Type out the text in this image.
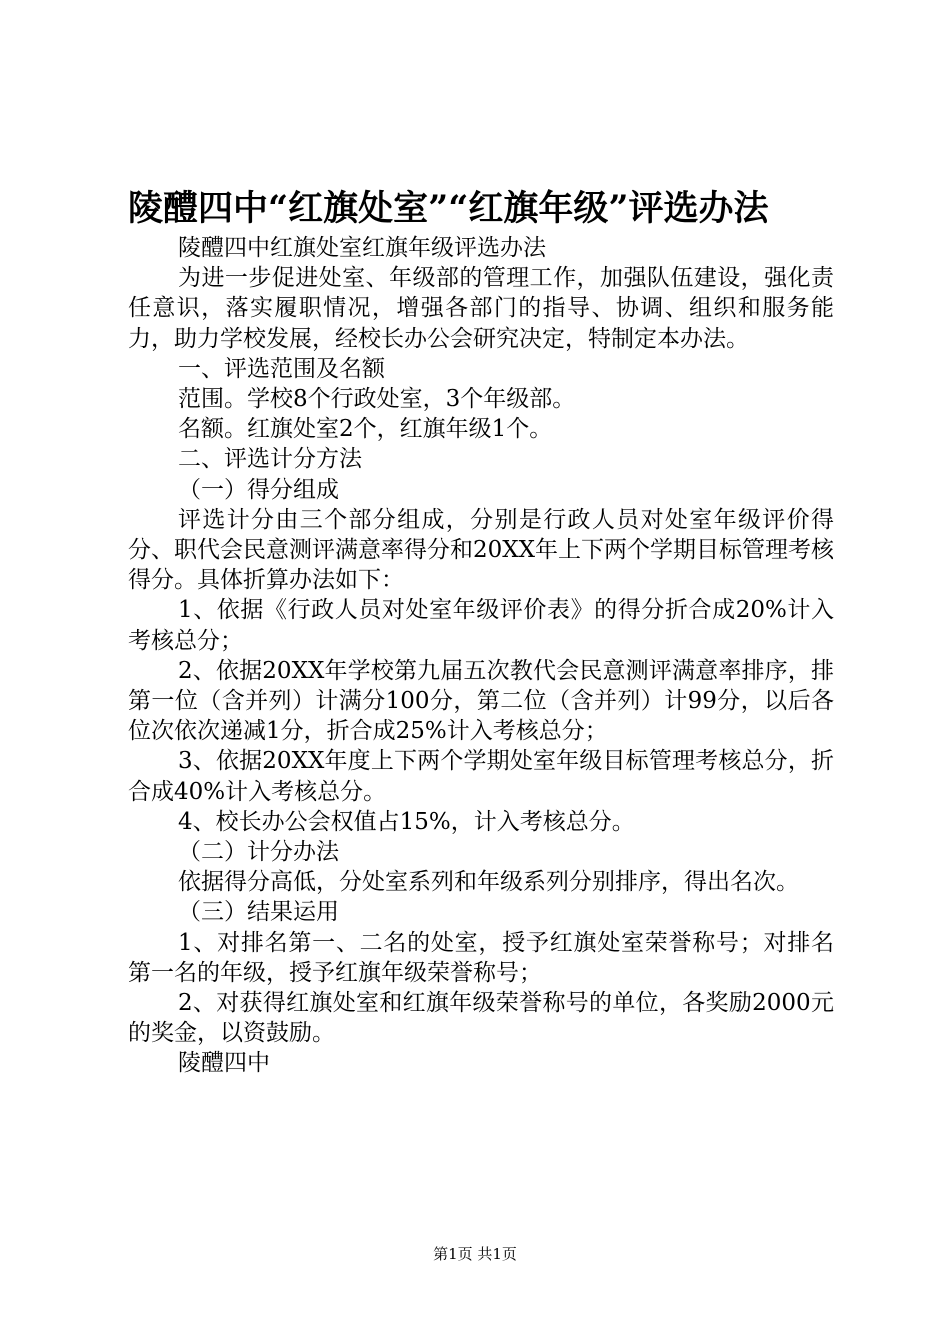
陵醴四中“红旗处室”“红旗年级”评选办法

陵醴四中红旗处室红旗年级评选办法

为进一步促进处室、年级部的管理工作，加强队伍建设，强化责任意识，落实履职情况，增强各部门的指导、协调、组织和服务能力，助力学校发展，经校长办公会研究决定，特制定本办法。

一、评选范围及名额

范围。学校8个行政处室，3个年级部。

名额。红旗处室2个，红旗年级1个。

二、评选计分方法

（一）得分组成

评选计分由三个部分组成，分别是行政人员对处室年级评价得分、职代会民意测评满意率得分和20XX年上下两个学期目标管理考核得分。具体折算办法如下：

1、依据《行政人员对处室年级评价表》的得分折合成20%计入考核总分；

2、依据20XX年学校第九届五次教代会民意测评满意率排序，排第一位（含并列）计满分100分，第二位（含并列）计99分，以后各位次依次递减1分，折合成25%计入考核总分；

3、依据20XX年度上下两个学期处室年级目标管理考核总分，折合成40%计入考核总分。

4、校长办公会权值占15%，计入考核总分。

（二）计分办法

依据得分高低，分处室系列和年级系列分别排序，得出名次。

（三）结果运用

1、对排名第一、二名的处室，授予红旗处室荣誉称号；对排名第一名的年级，授予红旗年级荣誉称号；

2、对获得红旗处室和红旗年级荣誉称号的单位，各奖励2000元的奖金，以资鼓励。

陵醴四中

第1页 共1页
